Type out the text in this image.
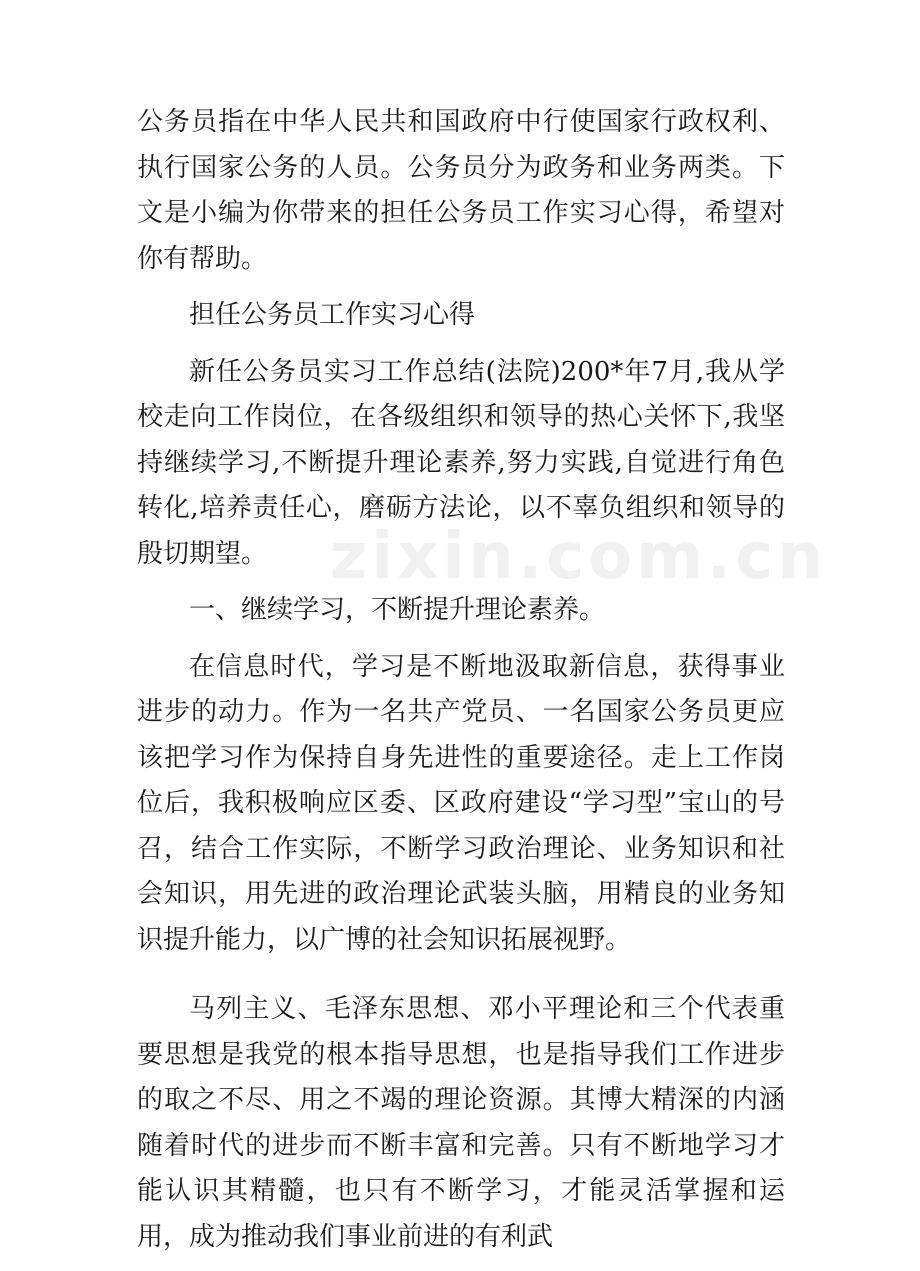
公务员指在中华人民共和国政府中行使国家行政权利、执行国家公务的人员。公务员分为政务和业务两类。下文是小编为你带来的担任公务员工作实习心得，希望对你有帮助。

担任公务员工作实习心得

新任公务员实习工作总结(法院)200*年7月,我从学校走向工作岗位，在各级组织和领导的热心关怀下,我坚持继续学习,不断提升理论素养,努力实践,自觉进行角色转化,培养责任心，磨砺方法论，以不辜负组织和领导的殷切期望。

一、继续学习，不断提升理论素养。

在信息时代，学习是不断地汲取新信息，获得事业进步的动力。作为一名共产党员、一名国家公务员更应该把学习作为保持自身先进性的重要途径。走上工作岗位后，我积极响应区委、区政府建设“学习型”宝山的号召，结合工作实际，不断学习政治理论、业务知识和社会知识，用先进的政治理论武装头脑，用精良的业务知识提升能力，以广博的社会知识拓展视野。

马列主义、毛泽东思想、邓小平理论和三个代表重要思想是我党的根本指导思想，也是指导我们工作进步的取之不尽、用之不竭的理论资源。其博大精深的内涵随着时代的进步而不断丰富和完善。只有不断地学习才能认识其精髓，也只有不断学习，才能灵活掌握和运用，成为推动我们事业前进的有利武

zixin.com.cn
